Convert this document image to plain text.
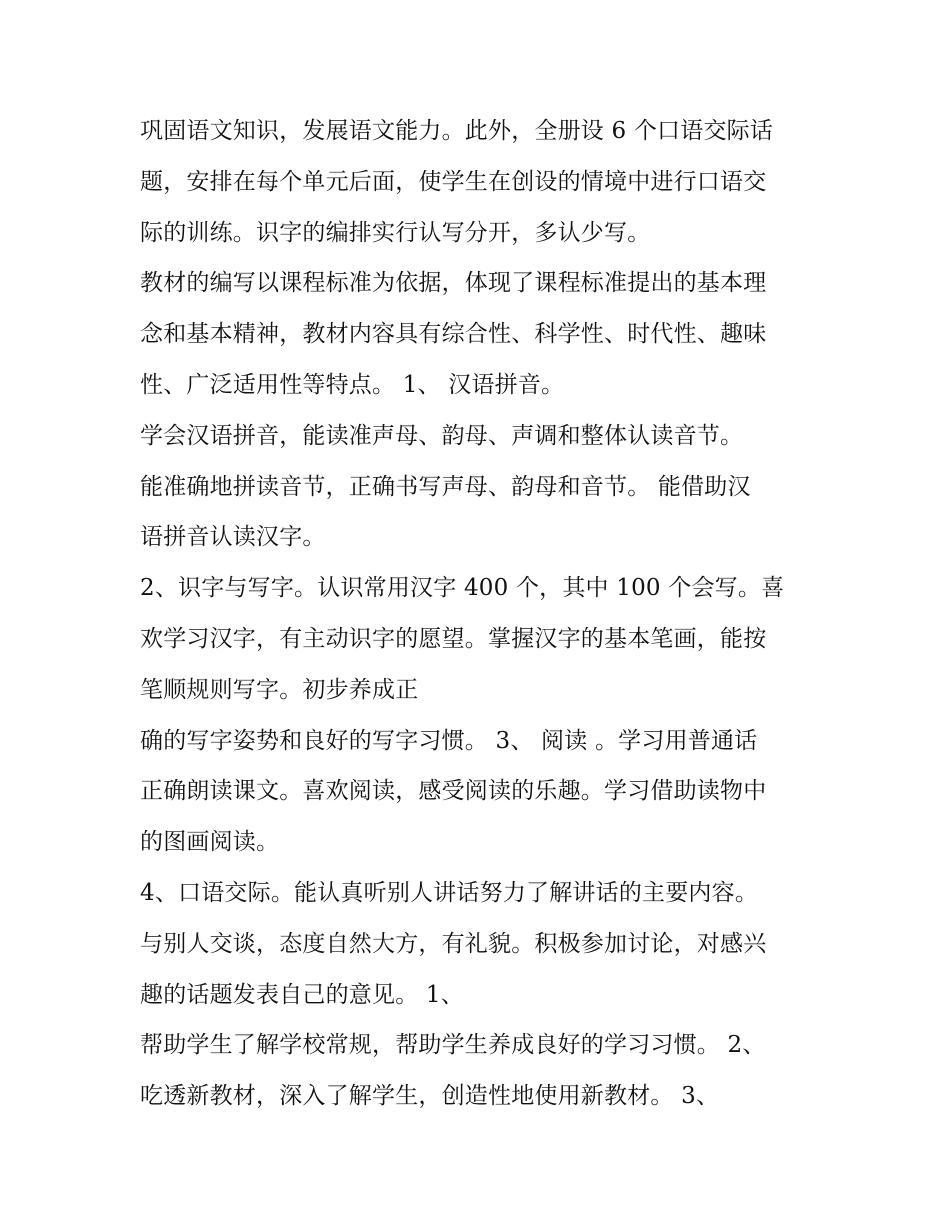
巩固语文知识，发展语文能力。此外，全册设 6 个口语交际话
题，安排在每个单元后面，使学生在创设的情境中进行口语交
际的训练。识字的编排实行认写分开，多认少写。
教材的编写以课程标准为依据，体现了课程标准提出的基本理
念和基本精神，教材内容具有综合性、科学性、时代性、趣味
性、广泛适用性等特点。 1、 汉语拼音。
学会汉语拼音，能读准声母、韵母、声调和整体认读音节。
能准确地拼读音节，正确书写声母、韵母和音节。 能借助汉
语拼音认读汉字。
2、识字与写字。认识常用汉字 400 个，其中 100 个会写。喜
欢学习汉字，有主动识字的愿望。掌握汉字的基本笔画，能按
笔顺规则写字。初步养成正
确的写字姿势和良好的写字习惯。 3、 阅读 。学习用普通话
正确朗读课文。喜欢阅读，感受阅读的乐趣。学习借助读物中
的图画阅读。
4、口语交际。能认真听别人讲话努力了解讲话的主要内容。
与别人交谈，态度自然大方，有礼貌。积极参加讨论，对感兴
趣的话题发表自己的意见。 1、
帮助学生了解学校常规，帮助学生养成良好的学习习惯。 2、
吃透新教材，深入了解学生，创造性地使用新教材。 3、
